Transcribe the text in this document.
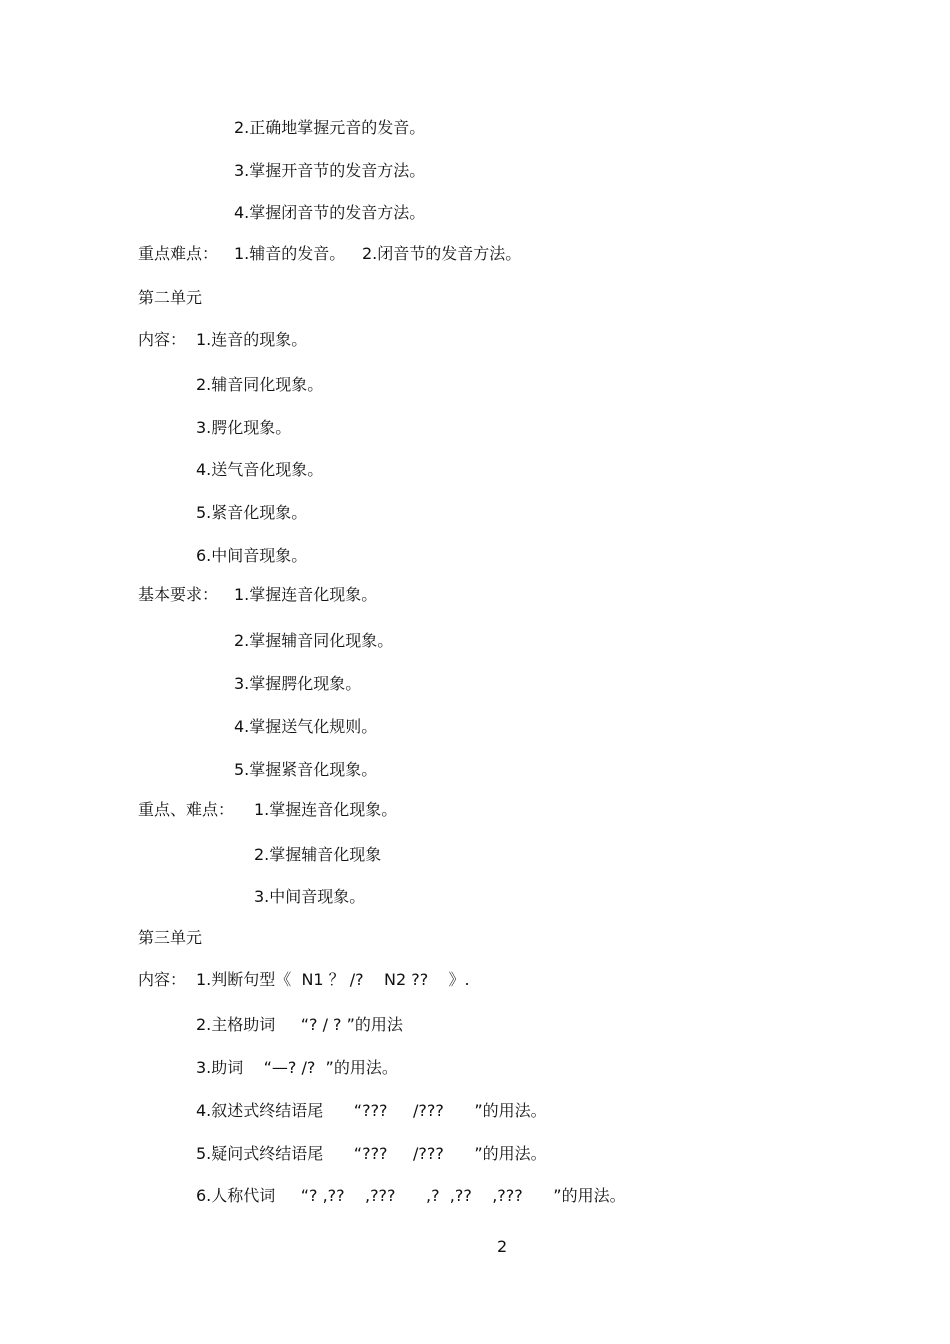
2.正确地掌握元音的发音。
3.掌握开音节的发音方法。
4.掌握闭音节的发音方法。
重点难点： 1.辅音的发音。 2.闭音节的发音方法。
第二单元
内容： 1.连音的现象。
2.辅音同化现象。
3.腭化现象。
4.送气音化现象。
5.紧音化现象。
6.中间音现象。
基本要求： 1.掌握连音化现象。
2.掌握辅音同化现象。
3.掌握腭化现象。
4.掌握送气化规则。
5.掌握紧音化现象。
重点、难点： 1.掌握连音化现象。
2.掌握辅音化现象
3.中间音现象。
第三单元
内容： 1.判断句型《  N1 ？ /?    N2 ??    》.
2.主格助词     “? / ? ”的用法
3.助词    “—? /?  ”的用法。
4.叙述式终结语尾      “???     /???      ”的用法。
5.疑问式终结语尾      “???     /???      ”的用法。
6.人称代词     “? ,??    ,???      ,?  ,??    ,???      ”的用法。
2
